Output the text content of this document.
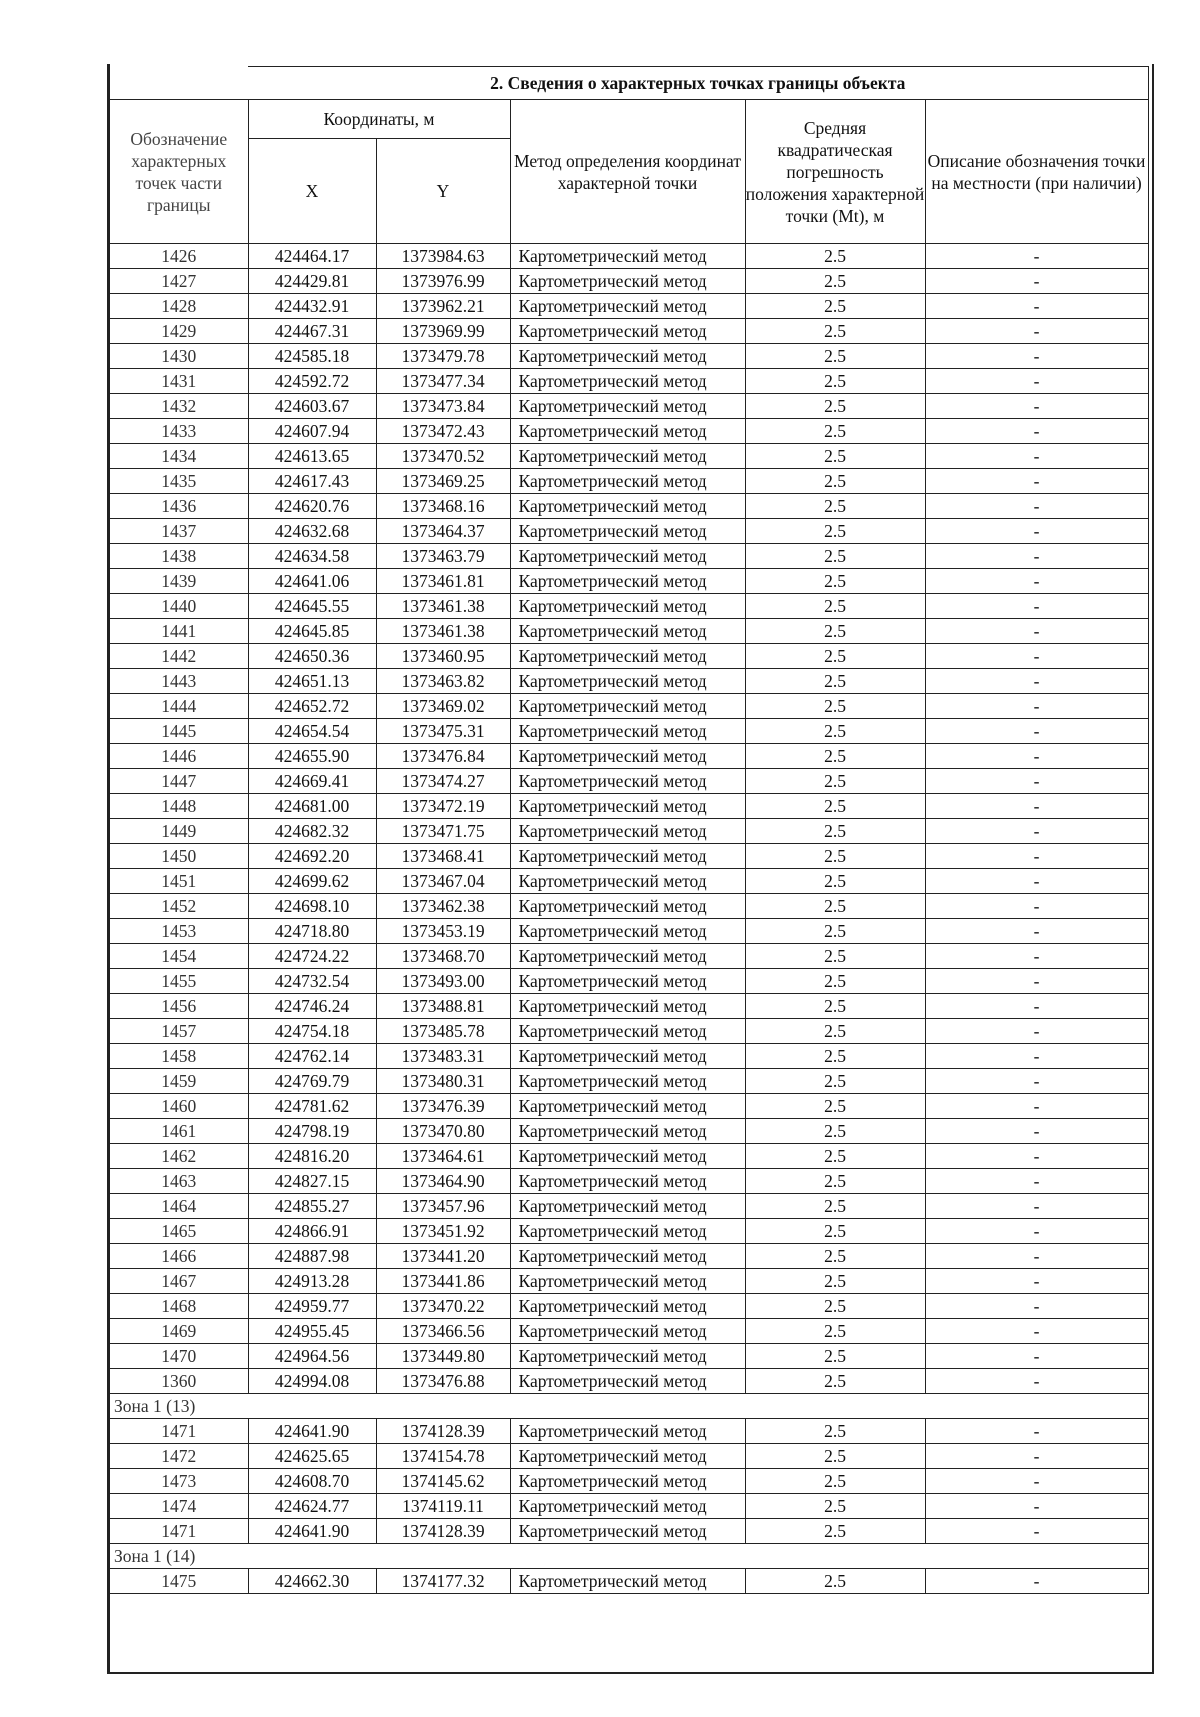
	2. Сведения о характерных точках границы объекта				
Обозначение характерных точек части границы	Координаты, м		Метод определения координат характерной точки	Средняя квадратическая погрешность положения характерной точки (Mt), м	Описание обозначения точки на местности (при наличии)
	X	Y			
1426	424464.17	1373984.63	Картометрический метод	2.5	-
1427	424429.81	1373976.99	Картометрический метод	2.5	-
1428	424432.91	1373962.21	Картометрический метод	2.5	-
1429	424467.31	1373969.99	Картометрический метод	2.5	-
1430	424585.18	1373479.78	Картометрический метод	2.5	-
1431	424592.72	1373477.34	Картометрический метод	2.5	-
1432	424603.67	1373473.84	Картометрический метод	2.5	-
1433	424607.94	1373472.43	Картометрический метод	2.5	-
1434	424613.65	1373470.52	Картометрический метод	2.5	-
1435	424617.43	1373469.25	Картометрический метод	2.5	-
1436	424620.76	1373468.16	Картометрический метод	2.5	-
1437	424632.68	1373464.37	Картометрический метод	2.5	-
1438	424634.58	1373463.79	Картометрический метод	2.5	-
1439	424641.06	1373461.81	Картометрический метод	2.5	-
1440	424645.55	1373461.38	Картометрический метод	2.5	-
1441	424645.85	1373461.38	Картометрический метод	2.5	-
1442	424650.36	1373460.95	Картометрический метод	2.5	-
1443	424651.13	1373463.82	Картометрический метод	2.5	-
1444	424652.72	1373469.02	Картометрический метод	2.5	-
1445	424654.54	1373475.31	Картометрический метод	2.5	-
1446	424655.90	1373476.84	Картометрический метод	2.5	-
1447	424669.41	1373474.27	Картометрический метод	2.5	-
1448	424681.00	1373472.19	Картометрический метод	2.5	-
1449	424682.32	1373471.75	Картометрический метод	2.5	-
1450	424692.20	1373468.41	Картометрический метод	2.5	-
1451	424699.62	1373467.04	Картометрический метод	2.5	-
1452	424698.10	1373462.38	Картометрический метод	2.5	-
1453	424718.80	1373453.19	Картометрический метод	2.5	-
1454	424724.22	1373468.70	Картометрический метод	2.5	-
1455	424732.54	1373493.00	Картометрический метод	2.5	-
1456	424746.24	1373488.81	Картометрический метод	2.5	-
1457	424754.18	1373485.78	Картометрический метод	2.5	-
1458	424762.14	1373483.31	Картометрический метод	2.5	-
1459	424769.79	1373480.31	Картометрический метод	2.5	-
1460	424781.62	1373476.39	Картометрический метод	2.5	-
1461	424798.19	1373470.80	Картометрический метод	2.5	-
1462	424816.20	1373464.61	Картометрический метод	2.5	-
1463	424827.15	1373464.90	Картометрический метод	2.5	-
1464	424855.27	1373457.96	Картометрический метод	2.5	-
1465	424866.91	1373451.92	Картометрический метод	2.5	-
1466	424887.98	1373441.20	Картометрический метод	2.5	-
1467	424913.28	1373441.86	Картометрический метод	2.5	-
1468	424959.77	1373470.22	Картометрический метод	2.5	-
1469	424955.45	1373466.56	Картометрический метод	2.5	-
1470	424964.56	1373449.80	Картометрический метод	2.5	-
1360	424994.08	1373476.88	Картометрический метод	2.5	-
Зона 1 (13)					
1471	424641.90	1374128.39	Картометрический метод	2.5	-
1472	424625.65	1374154.78	Картометрический метод	2.5	-
1473	424608.70	1374145.62	Картометрический метод	2.5	-
1474	424624.77	1374119.11	Картометрический метод	2.5	-
1471	424641.90	1374128.39	Картометрический метод	2.5	-
Зона 1 (14)					
1475	424662.30	1374177.32	Картометрический метод	2.5	-
